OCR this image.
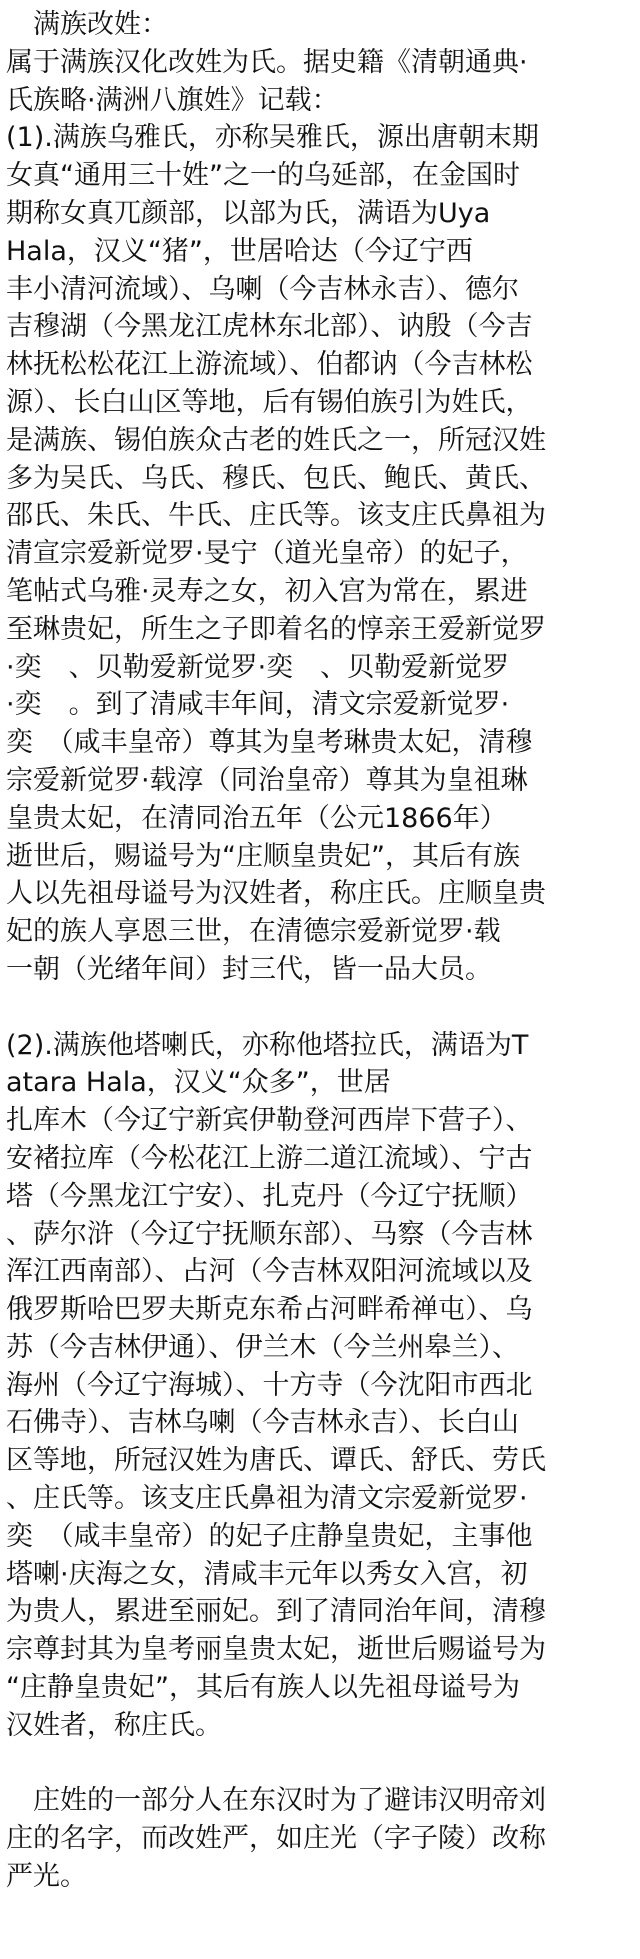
满族改姓：
属于满族汉化改姓为氏。据史籍《清朝通典·
氏族略·满洲八旗姓》记载：
(1).满族乌雅氏，亦称吴雅氏，源出唐朝末期
女真“通用三十姓”之一的乌延部，在金国时
期称女真兀颜部，以部为氏，满语为Uya
Hala，汉义“猪”，世居哈达（今辽宁西
丰小清河流域）、乌喇（今吉林永吉）、德尔
吉穆湖（今黑龙江虎林东北部）、讷殷（今吉
林抚松松花江上游流域）、伯都讷（今吉林松
源）、长白山区等地，后有锡伯族引为姓氏，
是满族、锡伯族众古老的姓氏之一，所冠汉姓
多为吴氏、乌氏、穆氏、包氏、鲍氏、黄氏、
邵氏、朱氏、牛氏、庄氏等。该支庄氏鼻祖为
清宣宗爱新觉罗·旻宁（道光皇帝）的妃子，
笔帖式乌雅·灵寿之女，初入宫为常在，累进
至琳贵妃，所生之子即着名的惇亲王爱新觉罗
·奕　、贝勒爱新觉罗·奕　、贝勒爱新觉罗
·奕　。到了清咸丰年间，清文宗爱新觉罗·
奕　（咸丰皇帝）尊其为皇考琳贵太妃，清穆
宗爱新觉罗·载淳（同治皇帝）尊其为皇祖琳
皇贵太妃，在清同治五年（公元1866年）
逝世后，赐谥号为“庄顺皇贵妃”，其后有族
人以先祖母谥号为汉姓者，称庄氏。庄顺皇贵
妃的族人享恩三世，在清德宗爱新觉罗·载
一朝（光绪年间）封三代，皆一品大员。
(2).满族他塔喇氏，亦称他塔拉氏，满语为T
atara Hala，汉义“众多”，世居
扎库木（今辽宁新宾伊勒登河西岸下营子）、
安褚拉库（今松花江上游二道江流域）、宁古
塔（今黑龙江宁安）、扎克丹（今辽宁抚顺）
、萨尔浒（今辽宁抚顺东部）、马察（今吉林
浑江西南部）、占河（今吉林双阳河流域以及
俄罗斯哈巴罗夫斯克东希占河畔希禅屯）、乌
苏（今吉林伊通）、伊兰木（今兰州皋兰）、
海州（今辽宁海城）、十方寺（今沈阳市西北
石佛寺）、吉林乌喇（今吉林永吉）、长白山
区等地，所冠汉姓为唐氏、谭氏、舒氏、劳氏
、庄氏等。该支庄氏鼻祖为清文宗爱新觉罗·
奕　（咸丰皇帝）的妃子庄静皇贵妃，主事他
塔喇·庆海之女，清咸丰元年以秀女入宫，初
为贵人，累进至丽妃。到了清同治年间，清穆
宗尊封其为皇考丽皇贵太妃，逝世后赐谥号为
“庄静皇贵妃”，其后有族人以先祖母谥号为
汉姓者，称庄氏。
庄姓的一部分人在东汉时为了避讳汉明帝刘
庄的名字，而改姓严，如庄光（字子陵）改称
严光。
